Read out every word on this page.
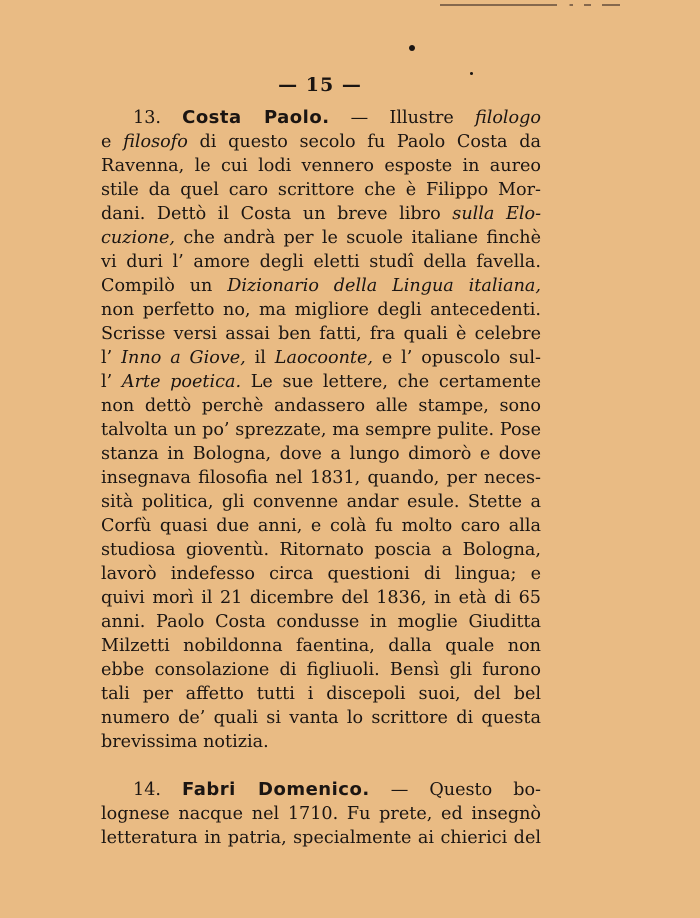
— 15 —
13. Costa Paolo. — Illustre filologo
e filosofo di questo secolo fu Paolo Costa da
Ravenna, le cui lodi vennero esposte in aureo
stile da quel caro scrittore che è Filippo Mor-
dani. Dettò il Costa un breve libro sulla Elo-
cuzione, che andrà per le scuole italiane finchè
vi duri l’ amore degli eletti studî della favella.
Compilò un Dizionario della Lingua italiana,
non perfetto no, ma migliore degli antecedenti.
Scrisse versi assai ben fatti, fra quali è celebre
l’ Inno a Giove, il Laocoonte, e l’ opuscolo sul-
l’ Arte poetica. Le sue lettere, che certamente
non dettò perchè andassero alle stampe, sono
talvolta un po’ sprezzate, ma sempre pulite. Pose
stanza in Bologna, dove a lungo dimorò e dove
insegnava filosofia nel 1831, quando, per neces-
sità politica, gli convenne andar esule. Stette a
Corfù quasi due anni, e colà fu molto caro alla
studiosa gioventù. Ritornato poscia a Bologna,
lavorò indefesso circa questioni di lingua; e
quivi morì il 21 dicembre del 1836, in età di 65
anni. Paolo Costa condusse in moglie Giuditta
Milzetti nobildonna faentina, dalla quale non
ebbe consolazione di figliuoli. Bensì gli furono
tali per affetto tutti i discepoli suoi, del bel
numero de’ quali si vanta lo scrittore di questa
brevissima notizia.
14. Fabri Domenico. — Questo bo-
lognese nacque nel 1710. Fu prete, ed insegnò
letteratura in patria, specialmente ai chierici del
